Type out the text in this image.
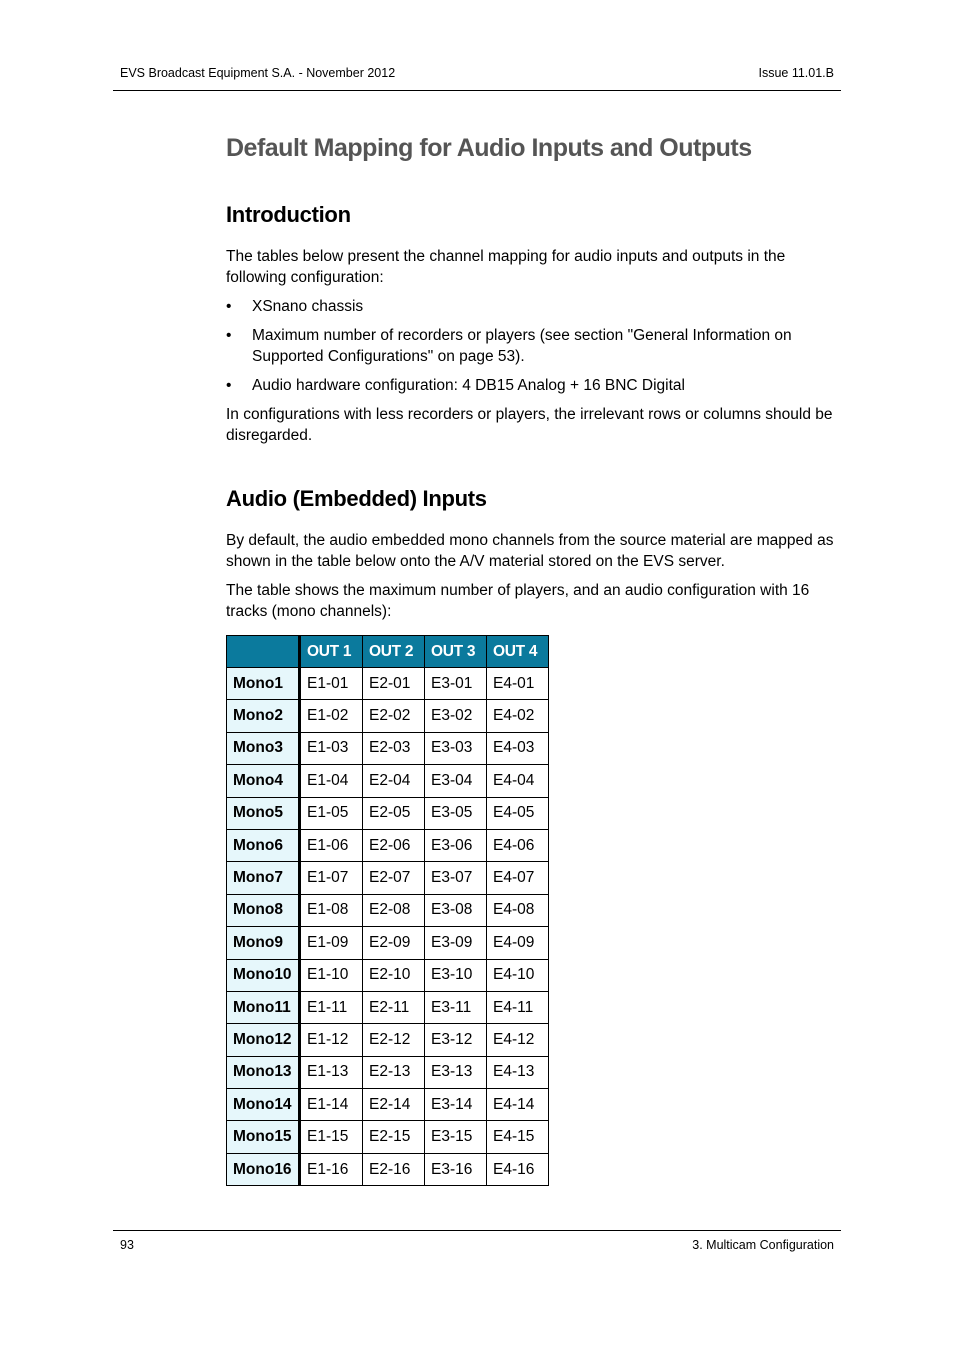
EVS Broadcast Equipment S.A. - November 2012	Issue 11.01.B
Default Mapping for Audio Inputs and Outputs
Introduction

The tables below present the channel mapping for audio inputs and outputs in the following configuration:

• XSnano chassis
• Maximum number of recorders or players (see section "General Information on Supported Configurations" on page 53).
• Audio hardware configuration: 4 DB15 Analog + 16 BNC Digital

In configurations with less recorders or players, the irrelevant rows or columns should be disregarded.

Audio (Embedded) Inputs

By default, the audio embedded mono channels from the source material are mapped as shown in the table below onto the A/V material stored on the EVS server.

The table shows the maximum number of players, and an audio configuration with 16 tracks (mono channels):

	OUT 1	OUT 2	OUT 3	OUT 4
Mono1	E1-01	E2-01	E3-01	E4-01
Mono2	E1-02	E2-02	E3-02	E4-02
Mono3	E1-03	E2-03	E3-03	E4-03
Mono4	E1-04	E2-04	E3-04	E4-04
Mono5	E1-05	E2-05	E3-05	E4-05
Mono6	E1-06	E2-06	E3-06	E4-06
Mono7	E1-07	E2-07	E3-07	E4-07
Mono8	E1-08	E2-08	E3-08	E4-08
Mono9	E1-09	E2-09	E3-09	E4-09
Mono10	E1-10	E2-10	E3-10	E4-10
Mono11	E1-11	E2-11	E3-11	E4-11
Mono12	E1-12	E2-12	E3-12	E4-12
Mono13	E1-13	E2-13	E3-13	E4-13
Mono14	E1-14	E2-14	E3-14	E4-14
Mono15	E1-15	E2-15	E3-15	E4-15
Mono16	E1-16	E2-16	E3-16	E4-16
93	3. Multicam Configuration
